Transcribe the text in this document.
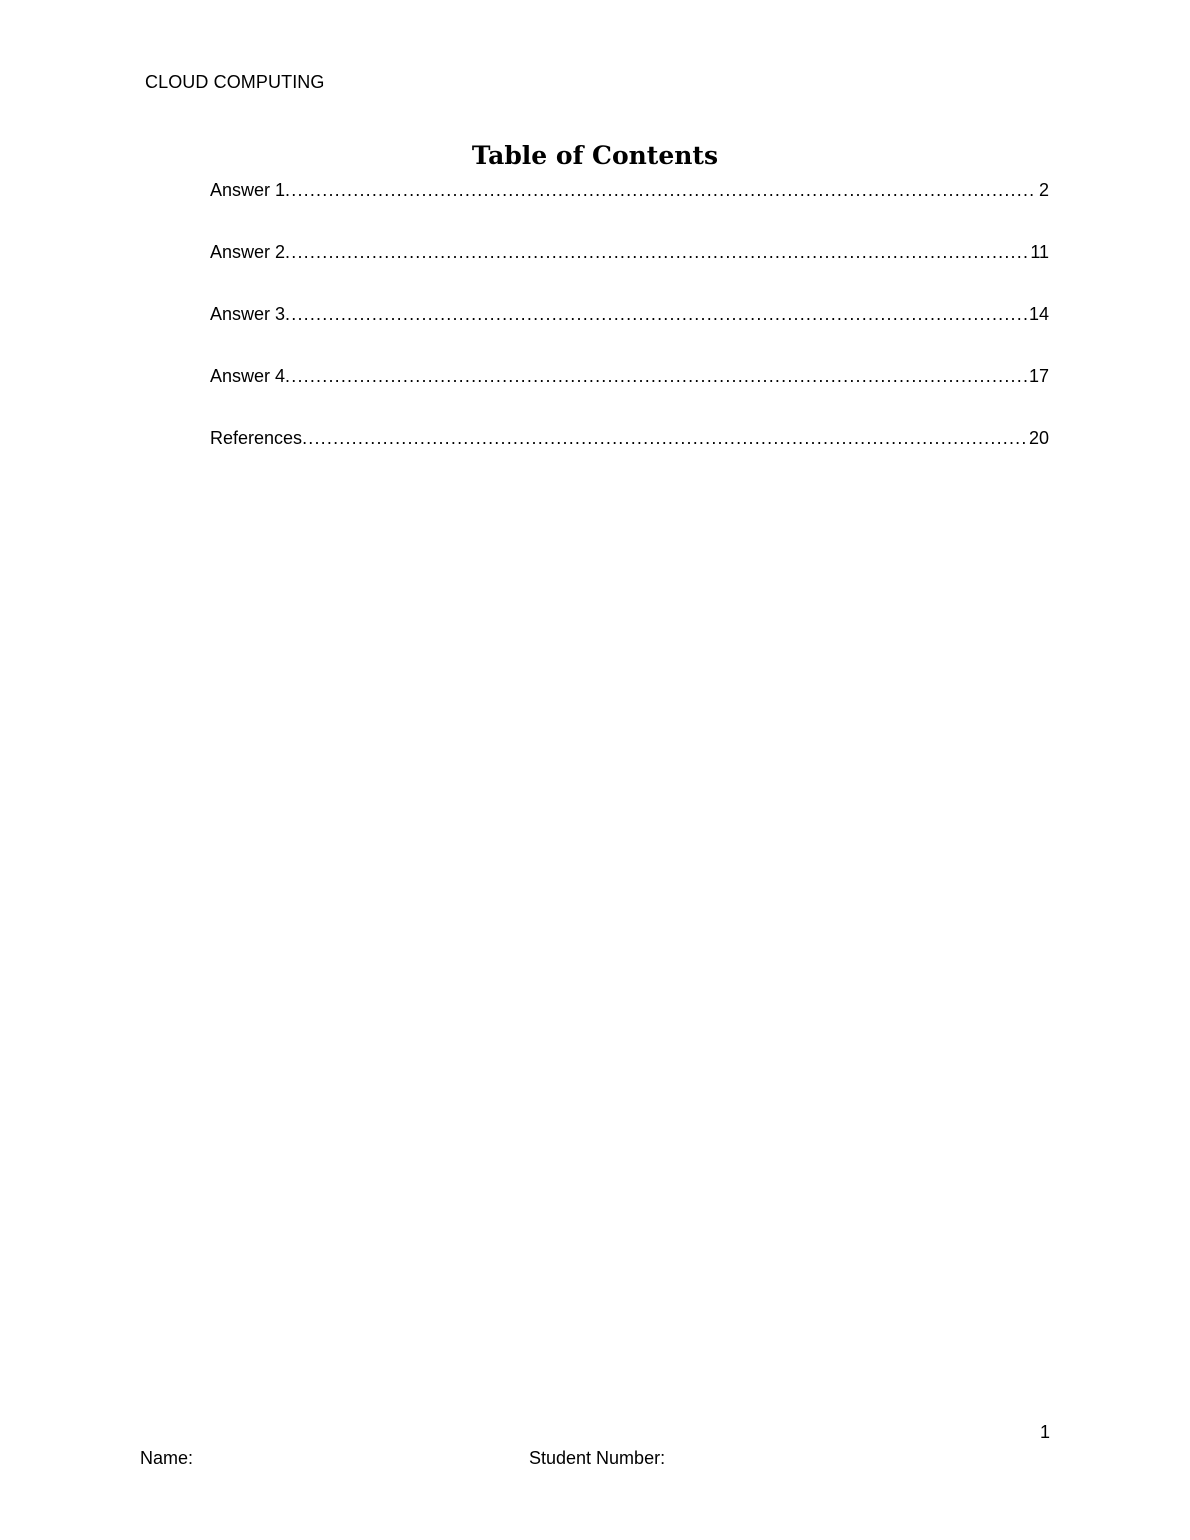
CLOUD COMPUTING
Table of Contents
Answer 1 .....	2
Answer 2 .....	11
Answer 3 .....	14
Answer 4 .....	17
References .....	20
1
Name:	Student Number:
